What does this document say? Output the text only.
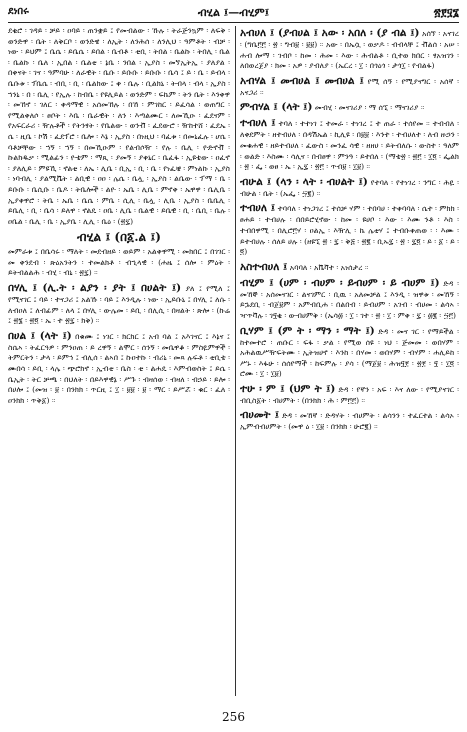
ደነበሩ	ብሂል ፤—ብሂም፤	፳፻፶፮

ደቂሮ ፡ ገዳይ ፡ ቻይ ፡ ዐባይ ፡ ጠንቋይ ፤ የመብልው ፡ ኹሉ ፡ ትራጅንኳም ፡ ለፍቅ ፡ ወንድዋ ፡ ቤት ፡ ለቅርቦ ፡ ወንድዌ ፡ ለኢት ፡ ለንሕሰ ፡ ለንሊህ ፡ ዓምቶት ፡ ብቻ ፡ ነው ፡ ይህም ፤ ቤሴ ፡ ይቤሴ ፡ ይበል ፡ ቤብቶ ፡ ቲቢ ፡ ትበል ፡ ቤልኩ ፡ ትበሊ ፡ ቤል ፡ ቤልኩ ፡ ቤለ ፡ ኢበል ፡ ቤልቲ ፡ ኔቤ ፡ ንበል ፡ ኢያስ ፡ መኘኢትኢ ፡ ያለያል ፡ በቀናት ፡ ገና ፡ ዓምባሁ ፡ ለራዊት ፡ ቤቡ ፡ ይቡቡ ፡ ይቡቡ ፡ ቤሳ ፤ ይ ፡ ቤ ፡ ይብላ ፡ ቤቡቱ ፡ ፕቤሴ ፡ ብቢ ፡ ቢ ፡ ቤልክው ፤ ቀ ፡ ቤሉ ፡ ቢልክኒ ፡ ትብላ ፡ ብላ ፡ ኢያስ ፡ ኀንኒ ፡ በ ፡ ቤሊ ፡ የኢሉ ፡ ከብቤ ፡ የዩሊይል ፡ ወንድም ፡ ፍኬም ፡ ትን ቤት ፡ እንቀዋ ፡ መኸኖ ፡ ገለር ፡ ቀዳማዊ ፡ አሰመኸሉ ፡ በኸ ፡ ምገከር ፡ ይፈሳል ፡ ወጠግር ፡ የሚልቀለሶ ፡ ፀቦት ፡ እቤ ፡ ቤራዊት ፡ ለን ፡ እጣልሙር ፡ ለመኺዑ ፡ ፈደናም ፡ የአፍርራሪ ፡ ዥሉቶች ፡ የትንፃት ፡ የቤልው ፡ ወንቭ ፡ ፈደውሮ ፡ ዥከተሸ ፡ ፈደኤ ፡ ሴ ፡ ዚቤ ፡ ኮሽ ፡ ፈደፕሮ ፡ ቤሎ ፡ እኔ ፡ ኢያስ ፡ በነዚህ ፡ ባፈቱ ፡ በመኒፈሉ ፡ ሆሴ ፡ ባቶቻቸው ፡ ኀኝ ፡ ኀኝ ፡ በመኺዑም ፡ የልብሶዥ ፡ የሉ ፡ ቤሊ ፡ ዮድኖቭ ፡ ኩልክዱቃ ፡ ሚልፊን ፡ ዮቴም ፡ ማጺ ፡ ያመኝ ፡ ያቀኒር ፡ ቤፈፋ ፡ ኢዩቴው ፡ ዐፈኖ ፡ ያለሊይ ፡ ምዩኺ ፡ ኖልቲ ፡ ለኤ ፡ ሊቤ ፡ ቢኢ ፡ ቢ ፡ ቤ ፡ የነፈቼ ፡ ምነልኩ ፡ ኢያስ ፡ ነባብሊ ፡ ያልሚቬት ፡ ልቢዊ ፡ ዐዐ ፡ ሌሴ ፡ ቤሏ ፡ ኢያስ ፡ ልቤው ፡ ፕማ ፡ ቤ ፡ ይቡቡ ፡ ቤሲቡ ፡ ቤዶ ፡ ትቤሎች ፡ ልዮ ፡ ኤቤ ፡ ሊቤ ፡ ምኖቀ ፡ ኤዋዋ ፡ ቤሊቤ ፡ ኢያቀዋሮ ፡ ትቤ ፡ ኤቤ ፡ ቤሴ ፡ ምቤ ፡ ሲሊ ፡ ቤሏ ፡ ሊቤ ፡ ኢያስ ፡ ቤቤሊ ፡ ይቤሊ ፡ ቢ ፡ ቤሳ ፡ ይለዋ ፡ ኖልዴ ፡ ዐቤ ፡ ሊቤ ፡ ቤልዊ ፡ ይቤዊ ፡ ቢ ፡ ቤቢ ፡ ቤሉ ፡ ዐቤል ፡ ቤሊ ፡ ቤ ፡ ኢያቤ ፡ ሊሊ ፡ ቤዕ ፡ (፳፯)

ብሂል ፤ (በ፩.ል ፤)
መምራቱ ፤ በቤሳሩ ፡ ማለት ፡ መደብዘይ ፡ ወይም ፡ አልቀዋሚ ፡ መክበር ፤ በገገር ፡ መ ቀንደብ ፡ ጽዕአንትን ፡ ተመልክቶ ፡ ብኂላዊ ፡ (ሐዜ ፤ ሰሎ ፡ ምዕት ፡ ይትብልልሕ ፡ ብሂ ፡ ብኒ ፡ ፳፯) ።

በሃሊ ፤ (ሊ.ት ፡ ልያን ፡ ያት ፤ በሀልት ፤) ያለ ፤ የሚለ ፤ የሚናገር ፤ ባይ ፡ ተናጋሪ ፤ አልኹ ፡ ባይ ፤ እንዲሉ ፡ ነው ፡ ኢይቡኒ ፤ በሃሊ ፤ ለሱ ፡ ለብዐለ ፤ ለብፊም ፡ ለላ ፤ በሃሊ ፡ ውሌመ ፡ ይቢ ፡ በሊሲ ፡ በዛልት ፡ ጽሎ ፡ (ኩሬ ፤ ፳፮ ፡ ፳፬ ፡ ኤ ፡ ተ ፳፯ ፡ ክቅ) ።

በሀል ፤ (ላት ፤) በቁሙ ፤ ነገር ፡ ክርክር ፤ አብ ባል ፤ አእገናር ፤ እኔና ፤ ስሴኣ ፡ ትፈርጓዎ ፡ ምንዐጠ ፡ ይ ረዋኝ ፡ ልሞር ፡ ሰንኝ ፡ መቤዋቆ ፡ ምስዬምዋች ፡ ትምርትን ፡ ታላ ፡ ይምኅ ፤ ብሊሰ ፡ ልኣበ ፤ ኩዐተኩ ፡ ብሪኒ ፡ መጻ ሉፍቶ ፡ ቲቢቴ ፡ ሙበሳ ፡ ይቢ ፡ ላሌ ፡ ጭሮክኖ ፡ ኢብቲ ፡ ቤስ ፡ ቲ ፡ ልሐዴ ፡ እምብወስት ፤ ይሴ ፡ ቤኢት ፡ ትር ቻጫ ፡ በህለት ፡ በይእዋዊኔ ፡ ሥጉ ፡ ብዛሰወ ፡ ብዛለ ፡ ብኃይ ፡ ይሎ ፡ በሀሎ ፤ (መዝ ፡ ፱ ፡ በንክክ ፡ ጥርዚ ፤ ፲ ፡ ፱፱ ፡ ፱ ፡ ማር ፡ ይሥሯ ፡ ቁር ፡ ፈለ ፡ ዐንክክ ፡ ጥቅ፩) ።

አብሀለ ፤ (ያብሀል ፤ አው ፡ አበለ ፡ (ያ ብል ፤) አሰኘ ፡ አናገረ ፡ (ግቤ፫፫ ፡ ፳ ፡ ግብ፱ ፡ ፱፱) ። አው ፡ በኤሷ ፡ ወቃዶ ፡ ብብላቸ ፤ ቭልሰ ፡ አሠ ፡ ሐብ ሎማ ፡ ገብቦ ፡ ከመ ፡ ሕመ ፡ እው ፡ ሕብልቶ ፡ ቢተወ ክበር ፡ ፃአዝገን ፡ ለበወረጀያ ፡ ክመ ፡ አዎ ፡ ያብለያ ፡ (ኤርረ ፡ ፲ ፡ በጎዕጎ ፡ ታጎ፲ ፡ የብልፋ)

አብሃል ፤ መብሀል ፤ መብሀል ፤ የሚ ሰኝ ፡ የሚያናግር ፡ አሰኛ ፡ አናጋሪ ።

ምብሃል ፤ (ላት ፤) መብሂ ፡ መናገሪያ ፡ ማ ሰኚ ፡ ማናገሪያ ።

ተብሀለ ፤ ተባለ ፡ ተተነገ ፤ ተመራ ፡ ተነገረ ፤ ተ ጠራ ፡ ተሰየመ ። ተብብለ ፡ ለቀደምት ፡ ዘተብሀለ ፡ በዳሽኤል ፡ ኪሊዩ ፡ በ፱፱ ፡ እንተ ፡ ተብሀለተ ፡ ለብ ዙኃን ፡ መቁሐዊ ፡ ዘይተብሀለ ፡ ፈውስ ፡ መንፈ ሳዊ ፡ ዘዘሀ ፡ ይትብለሱ ፡ ውስተ ፡ ዓለም ፡ ወልድ ፡ እስሙ ፡ ሳሊና ፡ በብፀዋ ፡ ምንዓ ፡ ይተበለ ፡ (ማቴ፳ ፡ ፳፫ ፡ ፲፬ ፡ ፌልክ ፡ ፳ ፡ ፌ ፡ ወፀ ፡ ኤ ፡ ኢ፯ ፡ ፳፫ ፡ ጥብ፱ ፡ ፲፱) ።

ብሁል ፤ (ላን ፡ ላት ፡ ብሀልት ፤) የተባለ ፡ የተነገረ ፡ ንግር ፡ ሕዬ ፡ ብሁል ፡ ቤት ፡ (ኤፌ ፡ ፵፪) ።

ተብሀለ ፤ ተባባለ ፡ ተነጋገረ ፤ ተሰቻ ሃም ፡ ተበባሀ ፡ ተቀባባለ ፡ ሴተ ፡ ምክክ ፡ ፀሐይ ፡ ተብሀሉ ፡ በበይሮሂኖው ፡ ከመ ፡ ዩሀቦ ፡ እው ፡ እሙ ንቶ ፡ እስ ፡ ተብበዋሚ ፡ በሊሮ፫ሃ ፡ ዐልኢ ፡ እዥሊ ፡ ኬ ሌቲሃ ፤ ተብቡቀጠወ ፡ ፡ እሙ ፡ ይተብሀሉ ፡ ሰለይ ሀሉ ፡ (ዘዩኚ ፳ ፡ ፯ ፡ ቅ፭ ፡ ፳፪ ፡ ቢኡ፯ ፡ ፳ ፡ ፯፬ ፡ ይ ፡ ፩ ፡ ይ ፡ ፬)

አስተብሀለ ፤ አባባለ ፡ አቬቫተ ፡ አነሰታረ ።

ብሂም ፤ (ሀም ፡ ብሀም ፡ ይብሀም ፡ ይ ብሀም ፤) ድዳ ፡ መኸኞ ፡ አሰመናገር ፡ ልናገምር ፡ ቢዉ ፡ አለመቻል ፤ እንዲ ፡ ዝዋቱ ፡ መኸኝ ፡ ይኌደቢ ፡ ብጀ፱ም ፡ አምብቢሐ ፡ በልበብ ፡ ይብሀም ፡ አገብ ፡ ብሀመ ፡ ልሳኣ ፡ ዣጥቫሉ ፡ ገ፶ቂ ፡ ውብሀምቅ ፡ (ኤሳ፴ ፡ ፲ ፡ ገተ ፡ ፳ ፡ ፲ ፡ ምቀ ፡ ፯ ፡ ፴፪ ፡ ፵፫)

ቢሃም ፤ (ም ት ፡ ማን ፡ ማት ፤) ድዳ ፡ መና ገር ፡ የማይችል ፡ ከተመተሮ ፡ ጠቡር ፡ ፍፋ ፡ ቃል ፡ የሚወ ሰዩ ፡ ነህ ፡ ጅመመ ፡ ወበሃም ፡ አሕልዉሥዥፍትሙ ፡ ኢትዝሀኖ ፡ እንከ ፡ በሃመ ፡ ወበሃም ፡ ብሃም ፡ ሐሊይከ ፡ ሥኑ ፡ እፋሁ ፡ ሰሰየማች ፡ ከፍምሉ ፡ ያሳ ፡ (ማጀ፱ ፡ ሕዝ፶፻ ፡ ፳፻ ፡ ፶ ፡ ፲፬ ፡ ሮሙ ፡ ፲ ፡ ፲፱)

ተሁ ፡ ም ፤ (ህም ት ፤) ድዳ ፡ የኛን ፡ አፍ ፡ እና ለው ፡ የሚያናገር ፡ ብቢስ፩ት ፡ ብሀምት ፡ (በንክክ ፡ ሕ ፡ ም፫፫) ።

ብሀመት ፤ ድዳ ፡ መኸኛ ፡ ድዳሃት ፡ ብሀምት ፡ ልሳንን ፡ ተፈርተል ፡ ልሳኦ ፡ ኢምብብሀምት ፡ (መዋ ዕ ፡ ፲፱ ፡ በንክክ ፡ ሁሮ፪) ።

256
